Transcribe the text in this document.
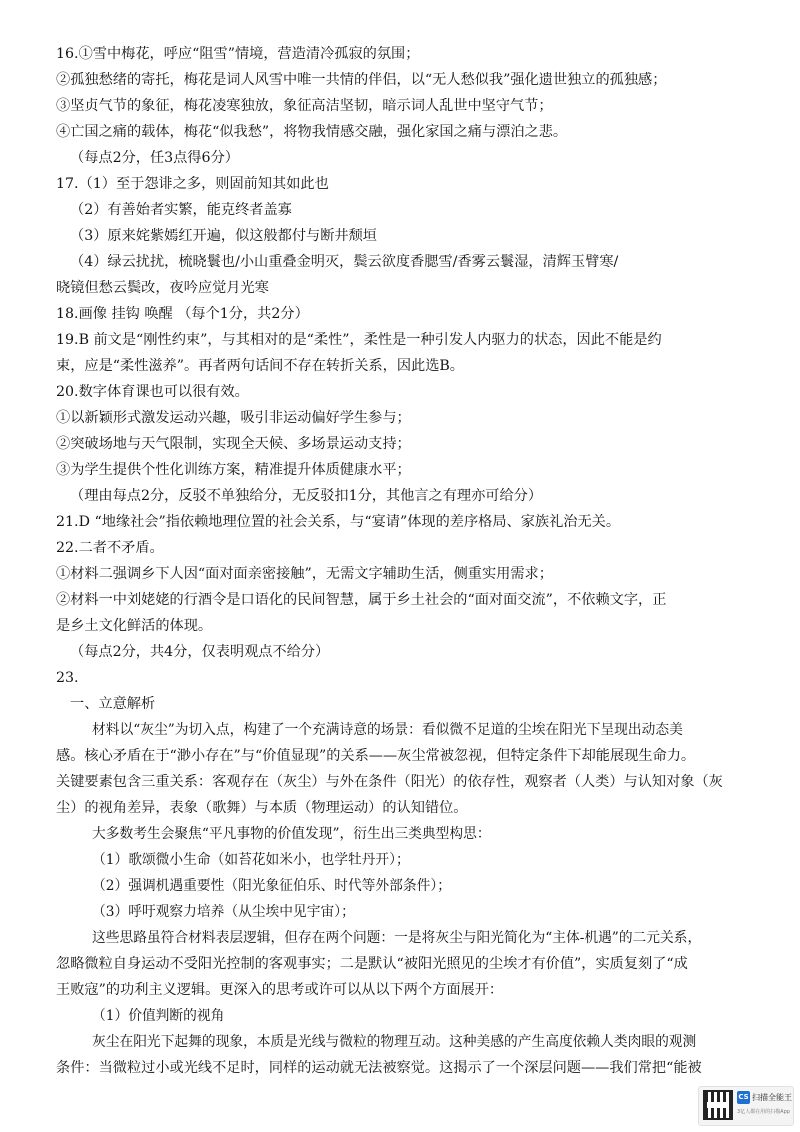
16.①雪中梅花，呼应“阻雪”情境，营造清冷孤寂的氛围；
②孤独愁绪的寄托，梅花是词人风雪中唯一共情的伴侣，以“无人愁似我”强化遗世独立的孤独感；
③坚贞气节的象征，梅花凌寒独放，象征高洁坚韧，暗示词人乱世中坚守气节；
④亡国之痛的载体，梅花“似我愁”，将物我情感交融，强化家国之痛与漂泊之悲。
（每点2分，任3点得6分）
17.（1）至于怨诽之多，则固前知其如此也
（2）有善始者实繁，能克终者盖寡
（3）原来姹紫嫣红开遍，似这般都付与断井颓垣
（4）绿云扰扰，梳晓鬟也/小山重叠金明灭，鬓云欲度香腮雪/香雾云鬟湿，清辉玉臂寒/
晓镜但愁云鬓改，夜吟应觉月光寒
18.画像 挂钩 唤醒 （每个1分，共2分）
19.B 前文是“刚性约束”，与其相对的是“柔性”，柔性是一种引发人内驱力的状态，因此不能是约
束，应是“柔性滋养”。再者两句话间不存在转折关系，因此选B。
20.数字体育课也可以很有效。
①以新颖形式激发运动兴趣，吸引非运动偏好学生参与；
②突破场地与天气限制，实现全天候、多场景运动支持；
③为学生提供个性化训练方案，精准提升体质健康水平；
（理由每点2分，反驳不单独给分，无反驳扣1分，其他言之有理亦可给分）
21.D “地缘社会”指依赖地理位置的社会关系，与“宴请”体现的差序格局、家族礼治无关。
22.二者不矛盾。
①材料二强调乡下人因“面对面亲密接触”，无需文字辅助生活，侧重实用需求；
②材料一中刘姥姥的行酒令是口语化的民间智慧，属于乡土社会的“面对面交流”，不依赖文字，正
是乡土文化鲜活的体现。
（每点2分，共4分，仅表明观点不给分）
23.
一、立意解析
材料以“灰尘”为切入点，构建了一个充满诗意的场景：看似微不足道的尘埃在阳光下呈现出动态美
感。核心矛盾在于“渺小存在”与“价值显现”的关系——灰尘常被忽视，但特定条件下却能展现生命力。
关键要素包含三重关系：客观存在（灰尘）与外在条件（阳光）的依存性，观察者（人类）与认知对象（灰
尘）的视角差异，表象（歌舞）与本质（物理运动）的认知错位。
大多数考生会聚焦“平凡事物的价值发现”，衍生出三类典型构思：
（1）歌颂微小生命（如苔花如米小，也学牡丹开）；
（2）强调机遇重要性（阳光象征伯乐、时代等外部条件）；
（3）呼吁观察力培养（从尘埃中见宇宙）；
这些思路虽符合材料表层逻辑，但存在两个问题：一是将灰尘与阳光简化为“主体-机遇”的二元关系，
忽略微粒自身运动不受阳光控制的客观事实；二是默认“被阳光照见的尘埃才有价值”，实质复刻了“成
王败寇”的功利主义逻辑。更深入的思考或许可以从以下两个方面展开：
（1）价值判断的视角
灰尘在阳光下起舞的现象，本质是光线与微粒的物理互动。这种美感的产生高度依赖人类肉眼的观测
条件：当微粒过小或光线不足时，同样的运动就无法被察觉。这揭示了一个深层问题——我们常把“能被
CS 扫描全能王
3亿人都在用的扫描App
